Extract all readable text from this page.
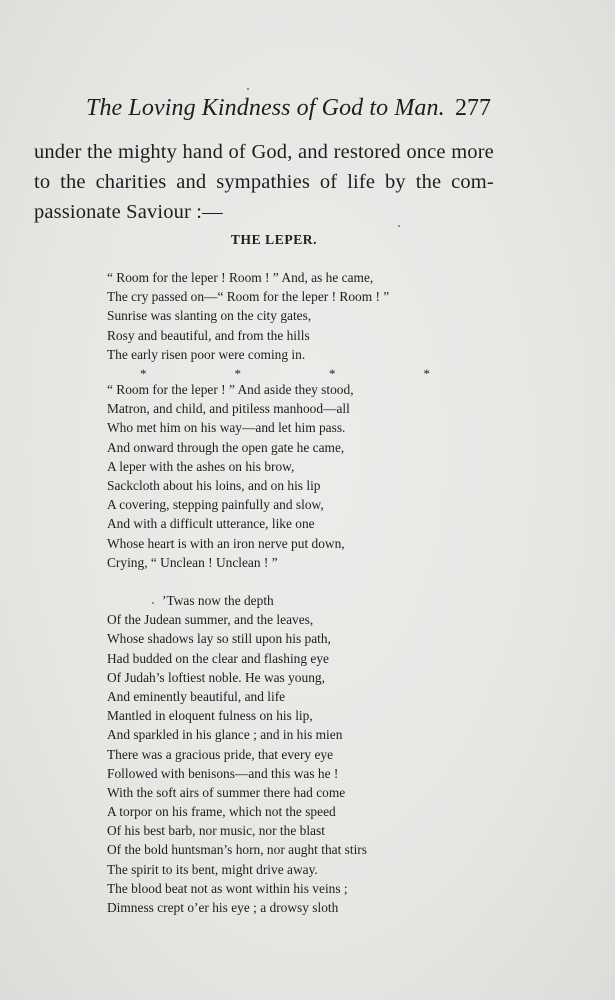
The Loving Kindness of God to Man. 277
under the mighty hand of God, and restored once more
to the charities and sympathies of life by the com-
passionate Saviour :—
THE LEPER.
“ Room for the leper ! Room ! ” And, as he came,
The cry passed on—“ Room for the leper ! Room ! ”
Sunrise was slanting on the city gates,
Rosy and beautiful, and from the hills
The early risen poor were coming in.
*	*	*	*
“ Room for the leper ! ” And aside they stood,
Matron, and child, and pitiless manhood—all
Who met him on his way—and let him pass.
And onward through the open gate he came,
A leper with the ashes on his brow,
Sackcloth about his loins, and on his lip
A covering, stepping painfully and slow,
And with a difficult utterance, like one
Whose heart is with an iron nerve put down,
Crying, “ Unclean ! Unclean ! ”
’Twas now the depth
Of the Judean summer, and the leaves,
Whose shadows lay so still upon his path,
Had budded on the clear and flashing eye
Of Judah’s loftiest noble. He was young,
And eminently beautiful, and life
Mantled in eloquent fulness on his lip,
And sparkled in his glance ; and in his mien
There was a gracious pride, that every eye
Followed with benisons—and this was he !
With the soft airs of summer there had come
A torpor on his frame, which not the speed
Of his best barb, nor music, nor the blast
Of the bold huntsman’s horn, nor aught that stirs
The spirit to its bent, might drive away.
The blood beat not as wont within his veins ;
Dimness crept o’er his eye ; a drowsy sloth
